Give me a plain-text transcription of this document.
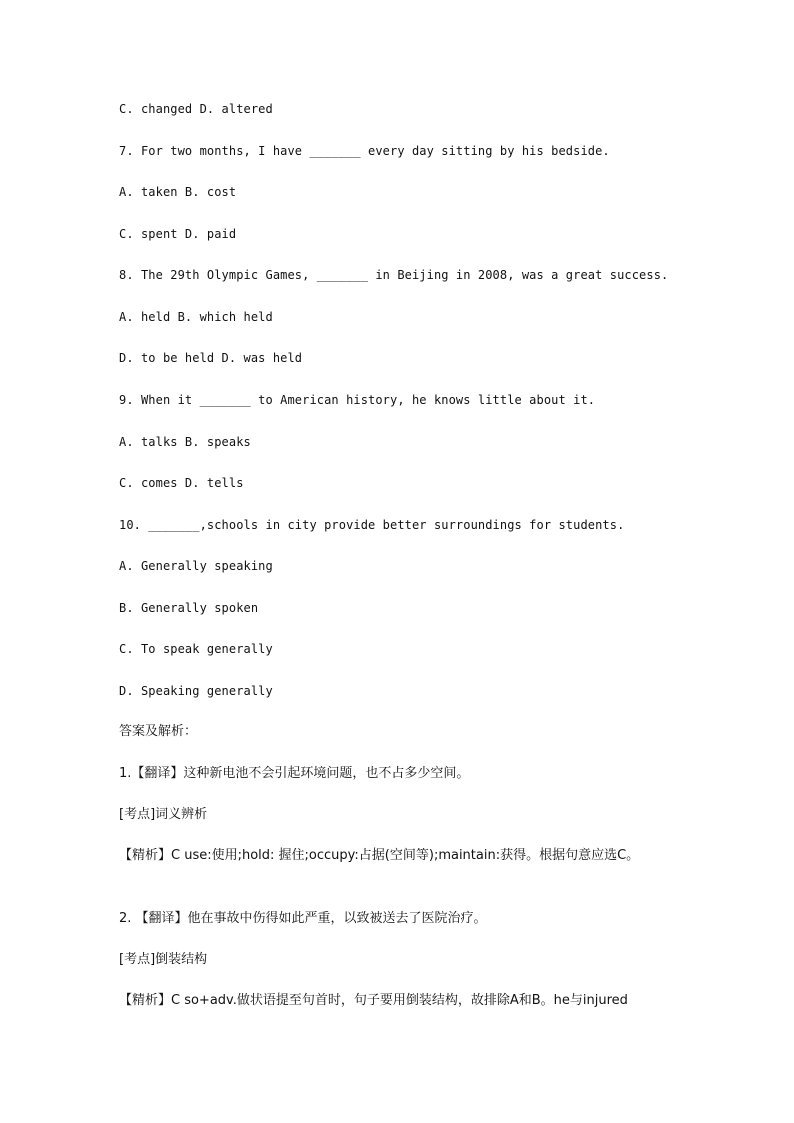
C. changed D. altered
7. For two months, I have _______ every day sitting by his bedside.
A. taken B. cost
C. spent D. paid
8. The 29th Olympic Games, _______ in Beijing in 2008, was a great success.
A. held B. which held
D. to be held D. was held
9. When it _______ to American history, he knows little about it.
A. talks B. speaks
C. comes D. tells
10. _______,schools in city provide better surroundings for students.
A. Generally speaking
B. Generally spoken
C. To speak generally
D. Speaking generally
答案及解析：
1.【翻译】这种新电池不会引起环境问题，也不占多少空间。
[考点]词义辨析
【精析】C use:使用;hold: 握住;occupy:占据(空间等);maintain:获得。根据句意应选C。
2. 【翻译】他在事故中伤得如此严重，以致被送去了医院治疗。
[考点]倒装结构
【精析】C so+adv.做状语提至句首时，句子要用倒装结构，故排除A和B。he与injured
